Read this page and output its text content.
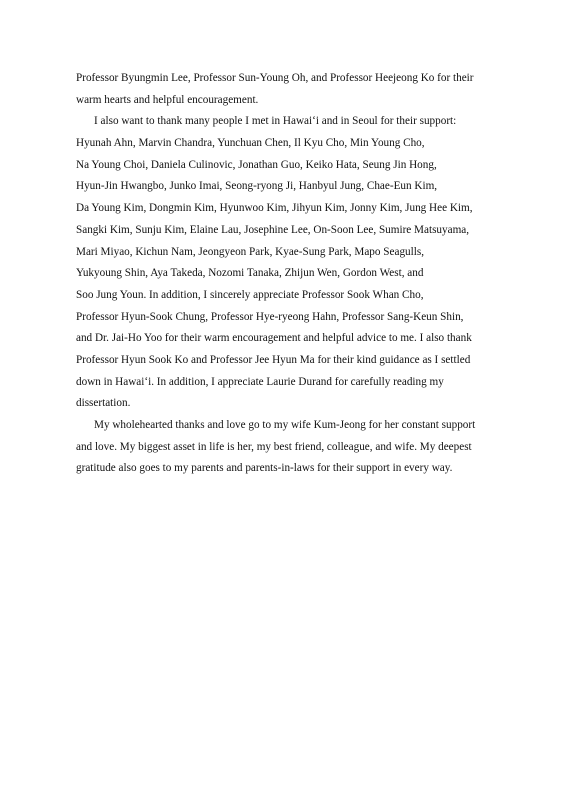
Professor Byungmin Lee, Professor Sun-Young Oh, and Professor Heejeong Ko for their
warm hearts and helpful encouragement.
I also want to thank many people I met in Hawai‘i and in Seoul for their support:
Hyunah Ahn, Marvin Chandra, Yunchuan Chen, Il Kyu Cho, Min Young Cho,
Na Young Choi, Daniela Culinovic, Jonathan Guo, Keiko Hata, Seung Jin Hong,
Hyun-Jin Hwangbo, Junko Imai, Seong-ryong Ji, Hanbyul Jung, Chae-Eun Kim,
Da Young Kim, Dongmin Kim, Hyunwoo Kim, Jihyun Kim, Jonny Kim, Jung Hee Kim,
Sangki Kim, Sunju Kim, Elaine Lau, Josephine Lee, On-Soon Lee, Sumire Matsuyama,
Mari Miyao, Kichun Nam, Jeongyeon Park, Kyae-Sung Park, Mapo Seagulls,
Yukyoung Shin, Aya Takeda, Nozomi Tanaka, Zhijun Wen, Gordon West, and
Soo Jung Youn. In addition, I sincerely appreciate Professor Sook Whan Cho,
Professor Hyun-Sook Chung, Professor Hye-ryeong Hahn, Professor Sang-Keun Shin,
and Dr. Jai-Ho Yoo for their warm encouragement and helpful advice to me. I also thank
Professor Hyun Sook Ko and Professor Jee Hyun Ma for their kind guidance as I settled
down in Hawai‘i. In addition, I appreciate Laurie Durand for carefully reading my
dissertation.
My wholehearted thanks and love go to my wife Kum-Jeong for her constant support
and love. My biggest asset in life is her, my best friend, colleague, and wife. My deepest
gratitude also goes to my parents and parents-in-laws for their support in every way.
